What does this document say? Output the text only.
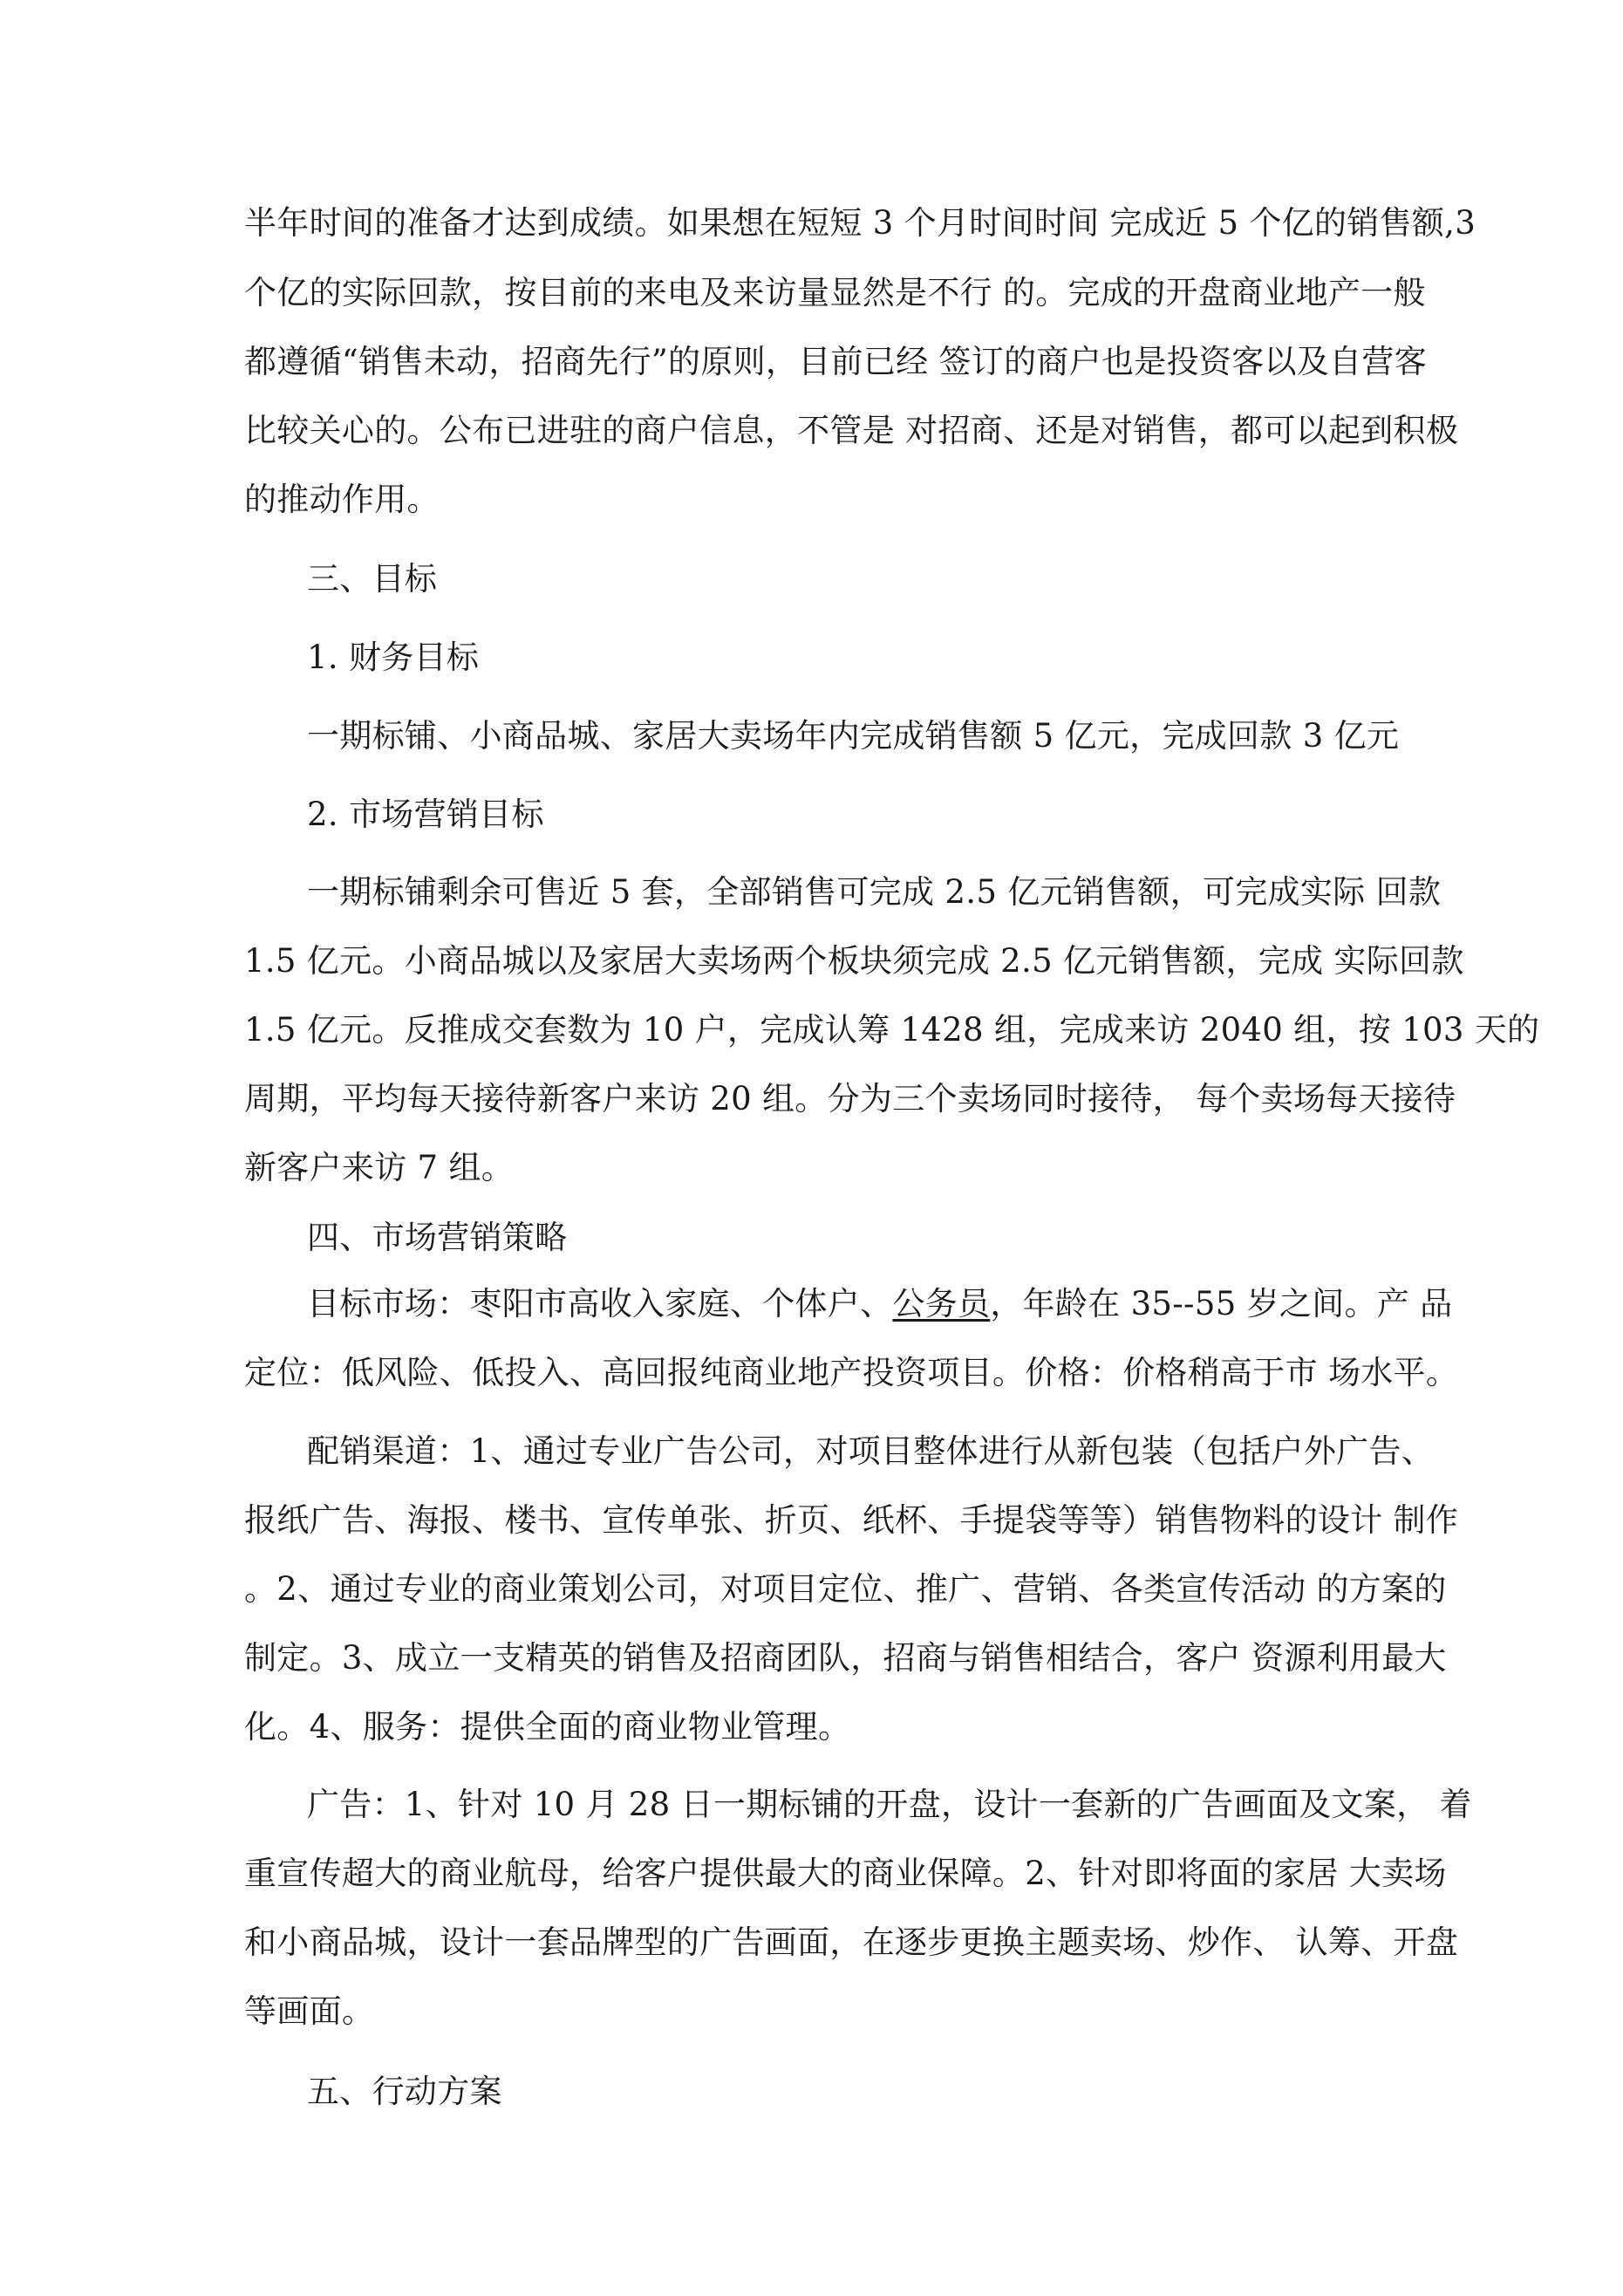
半年时间的准备才达到成绩。如果想在短短 3 个月时间时间 完成近 5 个亿的销售额,3
个亿的实际回款，按目前的来电及来访量显然是不行 的。完成的开盘商业地产一般
都遵循“销售未动，招商先行”的原则，目前已经 签订的商户也是投资客以及自营客
比较关心的。公布已进驻的商户信息，不管是 对招商、还是对销售，都可以起到积极
的推动作用。
三、目标
1. 财务目标
一期标铺、小商品城、家居大卖场年内完成销售额 5 亿元，完成回款 3 亿元
2. 市场营销目标
一期标铺剩余可售近 5 套，全部销售可完成 2.5 亿元销售额，可完成实际 回款
1.5 亿元。小商品城以及家居大卖场两个板块须完成 2.5 亿元销售额，完成 实际回款
1.5 亿元。反推成交套数为 10 户，完成认筹 1428 组，完成来访 2040 组，按 103 天的
周期，平均每天接待新客户来访 20 组。分为三个卖场同时接待， 每个卖场每天接待
新客户来访 7 组。
四、市场营销策略
目标市场：枣阳市高收入家庭、个体户、公务员，年龄在 35--55 岁之间。产 品
定位：低风险、低投入、高回报纯商业地产投资项目。价格：价格稍高于市 场水平。
配销渠道：1、通过专业广告公司，对项目整体进行从新包装（包括户外广告、
报纸广告、海报、楼书、宣传单张、折页、纸杯、手提袋等等）销售物料的设计 制作
。2、通过专业的商业策划公司，对项目定位、推广、营销、各类宣传活动 的方案的
制定。3、成立一支精英的销售及招商团队，招商与销售相结合，客户 资源利用最大
化。4、服务：提供全面的商业物业管理。
广告：1、针对 10 月 28 日一期标铺的开盘，设计一套新的广告画面及文案， 着
重宣传超大的商业航母，给客户提供最大的商业保障。2、针对即将面的家居 大卖场
和小商品城，设计一套品牌型的广告画面，在逐步更换主题卖场、炒作、 认筹、开盘
等画面。
五、行动方案
